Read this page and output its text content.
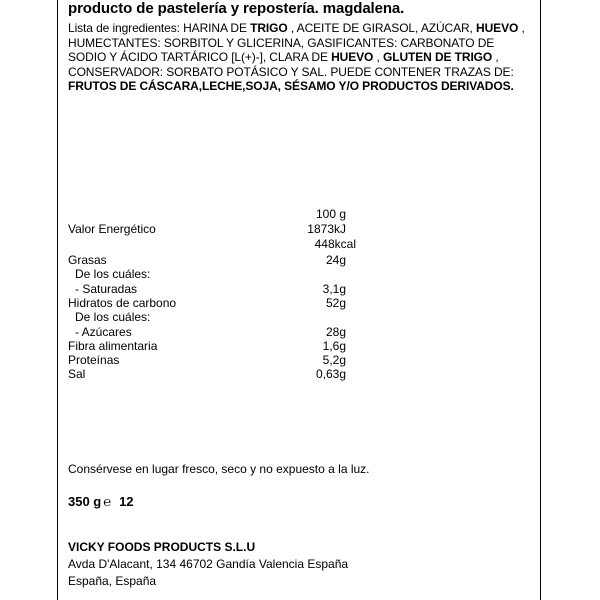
producto de pastelería y repostería. magdalena.
Lista de ingredientes: HARINA DE TRIGO , ACEITE DE GIRASOL, AZÚCAR, HUEVO , HUMECTANTES: SORBITOL Y GLICERINA, GASIFICANTES: CARBONATO DE SODIO Y ÁCIDO TARTÁRICO [L(+)-], CLARA DE HUEVO , GLUTEN DE TRIGO , CONSERVADOR: SORBATO POTÁSICO Y SAL. PUEDE CONTENER TRAZAS DE: FRUTOS DE CÁSCARA,LECHE,SOJA, SÉSAMO Y/O PRODUCTOS DERIVADOS.
100 g
Valor Energético	1873kJ
448kcal
Grasas	24g
De los cuáles:
- Saturadas	3,1g
Hidratos de carbono	52g
De los cuáles:
- Azúcares	28g
Fibra alimentaria	1,6g
Proteínas	5,2g
Sal	0,63g
Consérvese en lugar fresco, seco y no expuesto a la luz.
350 g ℮ 12
VICKY FOODS PRODUCTS S.L.U
Avda D'Alacant, 134 46702 Gandía Valencia España
España, España
